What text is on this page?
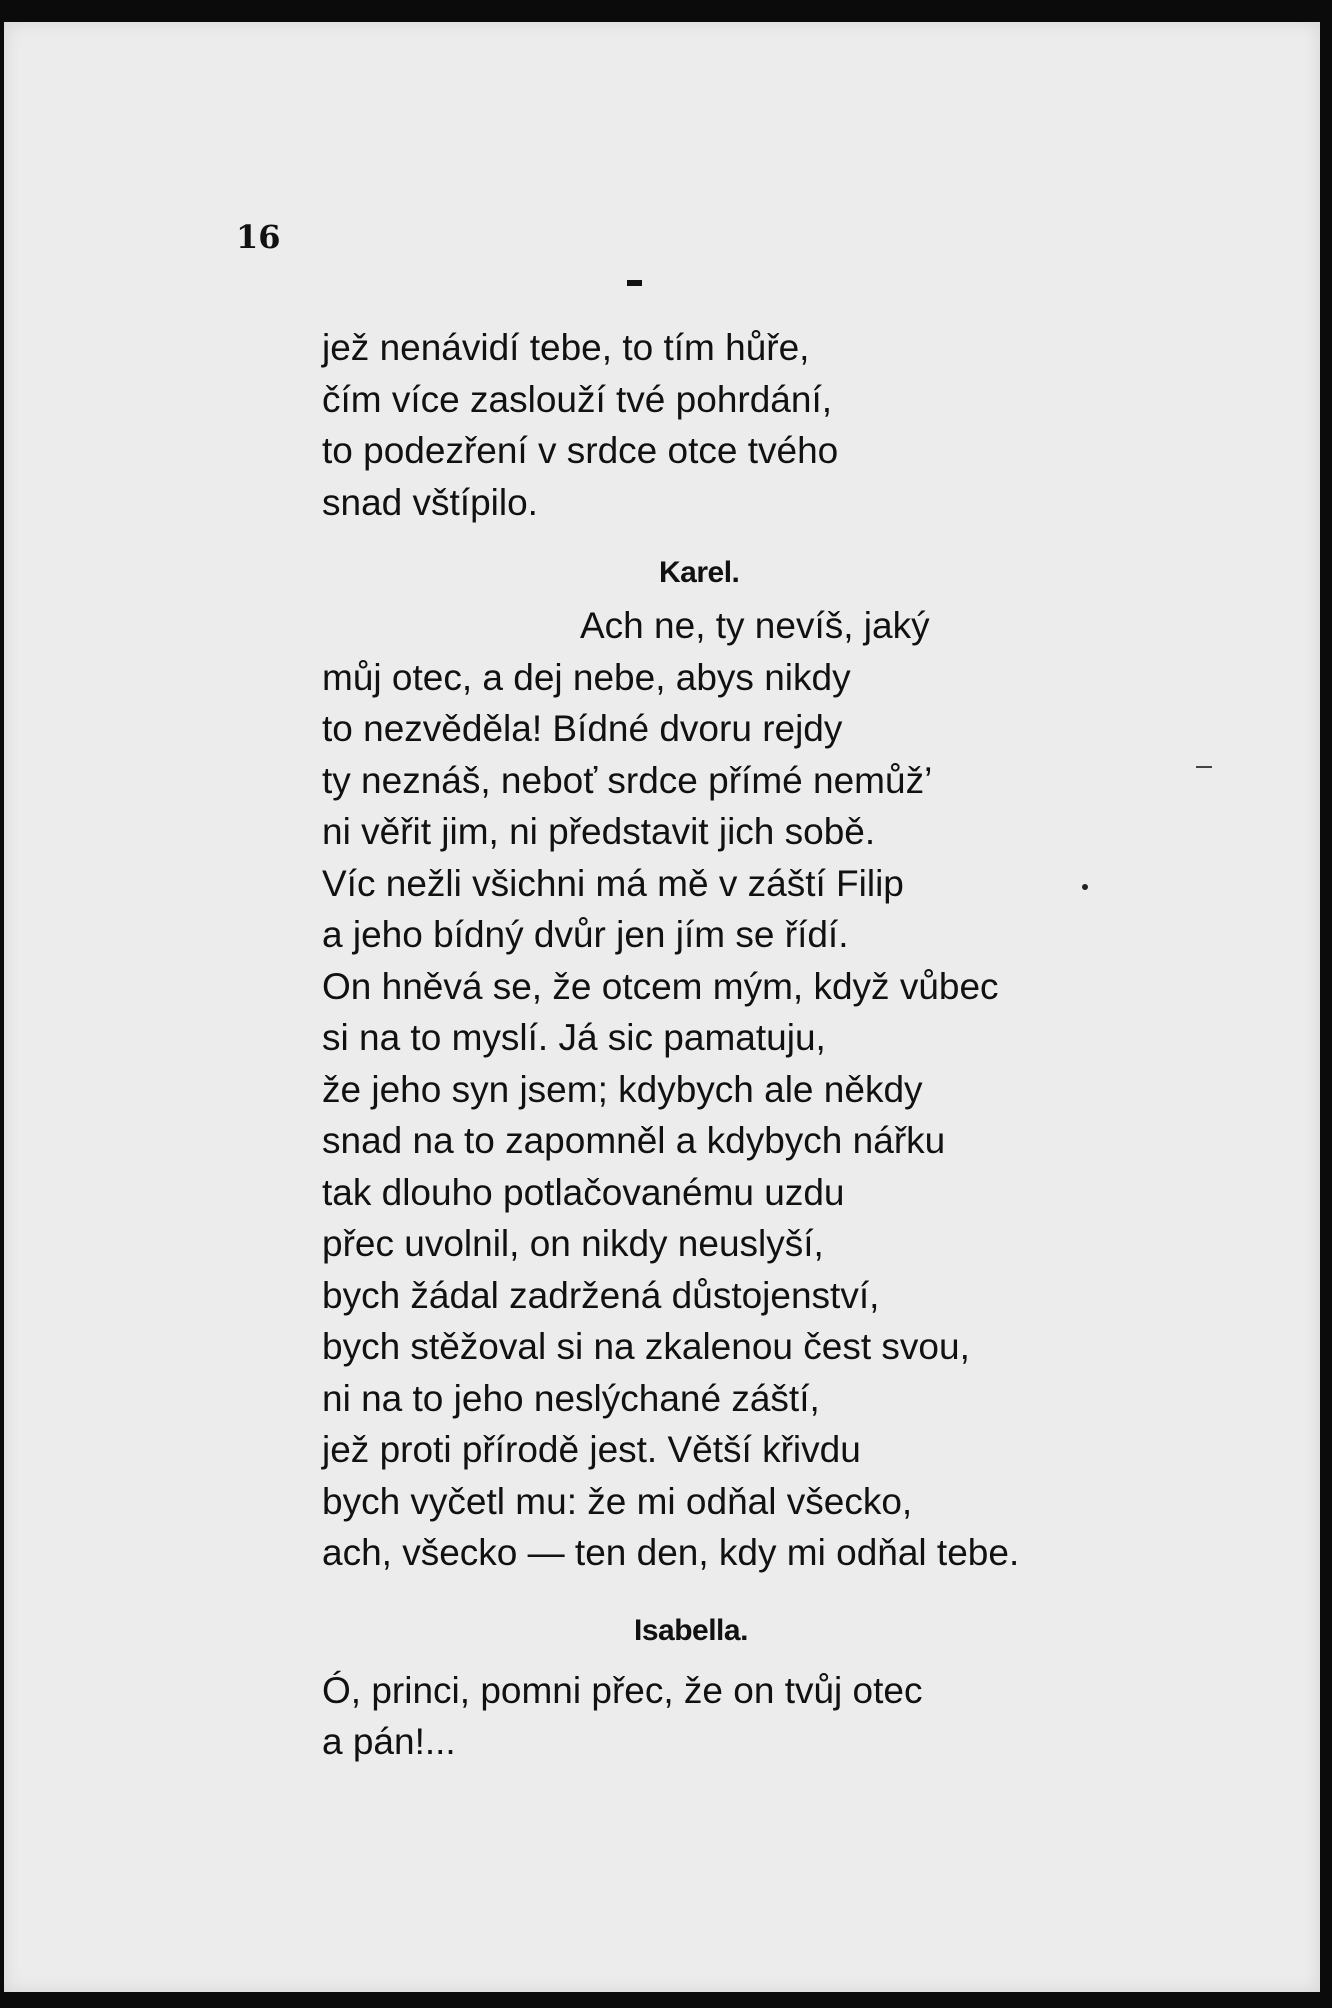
16
jež nenávidí tebe, to tím hůře,
čím více zaslouží tvé pohrdání,
to podezření v srdce otce tvého
snad vštípilo.
Karel.
Ach ne, ty nevíš, jaký
můj otec, a dej nebe, abys nikdy
to nezvěděla! Bídné dvoru rejdy
ty neznáš, neboť srdce přímé nemůž’
ni věřit jim, ni představit jich sobě.
Víc nežli všichni má mě v záští Filip
a jeho bídný dvůr jen jím se řídí.
On hněvá se, že otcem mým, když vůbec
si na to myslí. Já sic pamatuju,
že jeho syn jsem; kdybych ale někdy
snad na to zapomněl a kdybych nářku
tak dlouho potlačovanému uzdu
přec uvolnil, on nikdy neuslyší,
bych žádal zadržená důstojenství,
bych stěžoval si na zkalenou čest svou,
ni na to jeho neslýchané záští,
jež proti přírodě jest. Větší křivdu
bych vyčetl mu: že mi odňal všecko,
ach, všecko — ten den, kdy mi odňal tebe.
Isabella.
Ó, princi, pomni přec, že on tvůj otec
a pán!...
